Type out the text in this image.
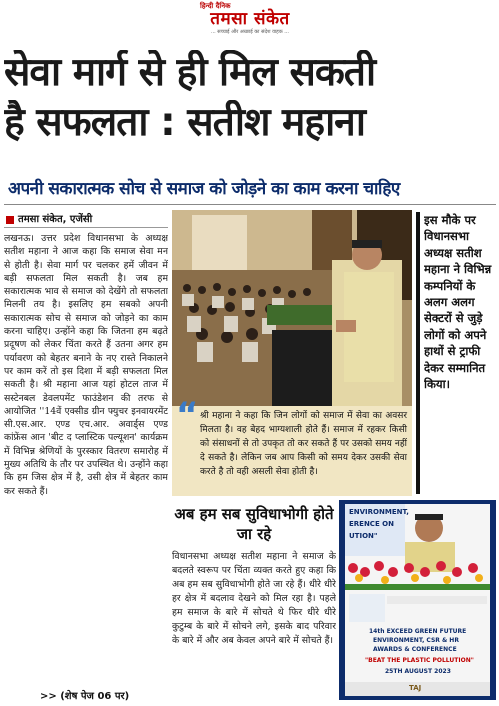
हिन्दी दैनिक
तमसा संकेत
... सच्चाई और अच्छाई का संदेश वाहक ...
सेवा मार्ग से ही मिल सकती
है सफलता : सतीश महाना
अपनी सकारात्मक सोच से समाज को जोड़ने का काम करना चाहिए
तमसा संकेत, एजेंसी
लखनऊ। उत्तर प्रदेश विधानसभा के अध्यक्ष सतीश महाना ने आज कहा कि समाज सेवा मन से होती है। सेवा मार्ग पर चलकर हमें जीवन में बड़ी सफलता मिल सकती है। जब हम सकारात्मक भाव से समाज को देखेंगे तो सफलता मिलनी तय है। इसलिए हम सबको अपनी सकारात्मक सोच से समाज को जोड़ने का काम करना चाहिए। उन्होंने कहा कि जितना हम बढ़ते प्रदूषण को लेकर चिंता करते हैं उतना अगर हम पर्यावरण को बेहतर बनाने के नए रास्ते निकालने पर काम करें तो इस दिशा में बड़ी सफलता मिल सकती है। श्री महाना आज यहां होटल ताज में सस्टेनबल डेवलपमेंट फाउंडेशन की तरफ से आयोजित ''14वें एक्सीड ग्रीन फ्युचर इनवायरमेंट सी.एस.आर. एण्ड एच.आर. अवार्ड्स एण्ड कांफ्रेंस आन 'बीट द प्लास्टिक पल्यूशन' कार्यक्रम में विभिन्न श्रेणियों के पुरस्कार वितरण समारोह में मुख्य अतिथि के तौर पर उपस्थित थे। उन्होंने कहा कि हम जिस क्षेत्र में है, उसी क्षेत्र में बेहतर काम कर सकते हैं।
>> (शेष पेज 06 पर)
श्री महाना ने कहा कि जिन लोगों को समाज में सेवा का अवसर मिलता है। वह बेहद भाग्यशाली होते हैं। समाज में रहकर किसी को संसाधनों से तो उपकृत तो कर सकते हैं पर उसको समय नहीं दे सकते है। लेकिन जब आप किसी को समय देकर उसकी सेवा करते है तो वही असली सेवा होती है।
“
इस मौके पर विधानसभा अध्यक्ष सतीश महाना ने विभिन्न कम्पनियों के अलग अलग सेक्टरों से जुड़े लोगों को अपने हाथों से ट्राफी देकर सम्मानित किया।
अब हम सब सुविधाभोगी होते जा रहे
विधानसभा अध्यक्ष सतीश महाना ने समाज के बदलते स्वरूप पर चिंता व्यक्त करते हुए कहा कि अब हम सब सुविधाभोगी होते जा रहे हैं। धीरे धीरे हर क्षेत्र में बदलाव देखने को मिल रहा है। पहले हम समाज के बारे में सोचते थे फिर धीरे धीरे कुटुम्ब के बारे में सोचने लगे, इसके बाद परिवार के बारे में और अब केवल अपने बारे में सोचते हैं।
ENVIRONMENT,
ERENCE ON
UTION"
14th EXCEED GREEN FUTURE
ENVIRONMENT, CSR & HR
AWARDS & CONFERENCE
"BEAT THE PLASTIC POLLUTION"
25TH AUGUST 2023
TAJ
